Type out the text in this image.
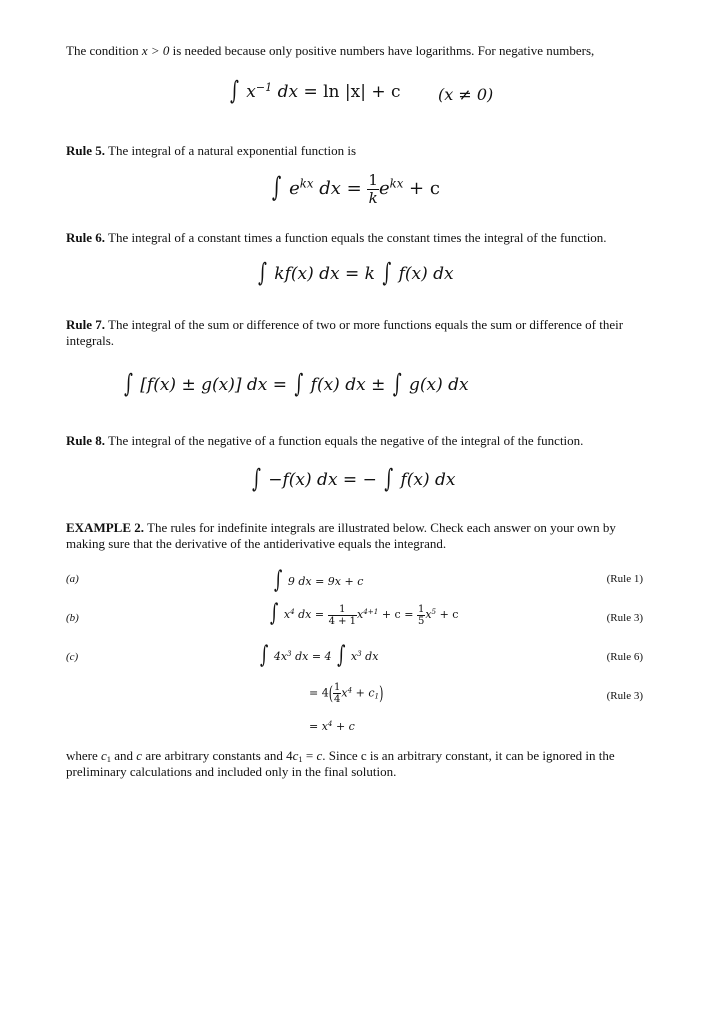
The condition x > 0 is needed because only positive numbers have logarithms. For negative numbers,
∫ $x^{-1}$ dx = ln |x| + c (x ≠ 0)
Rule 5. The integral of a natural exponential function is
∫ $e^{kx}$ dx = $\frac{1}{k} e^{kx} + c$
Rule 6. The integral of a constant times a function equals the constant times the integral of the function.
∫ kf(x) dx = k ∫ f(x) dx
Rule 7. The integral of the sum or difference of two or more functions equals the sum or difference of their integrals.
∫ [f(x) ± g(x)] dx = ∫ f(x) dx ± ∫ g(x) dx
Rule 8. The integral of the negative of a function equals the negative of the integral of the function.
∫ −f(x) dx = − ∫ f(x) dx
EXAMPLE 2. The rules for indefinite integrals are illustrated below. Check each answer on your own by making sure that the derivative of the antiderivative equals the integrand.
(a)	∫ 9 dx = 9x + c	(Rule 1)
(b)	∫ $x^4$ dx = $\frac{1}{4 + 1} x^{4+1} + c = \frac{1}{5} x^5 + c$	(Rule 3)
(c)	∫ $4x^3$ dx = 4 ∫ $x^3$ dx	(Rule 6)
= $4( \frac{1}{4} x^4 + c_1)$	(Rule 3)
= $x^4 + c$
where $c_1$ and c are arbitrary constants and $4c_1 = c$. Since c is an arbitrary constant, it can be ignored in the preliminary calculations and included only in the final solution.
